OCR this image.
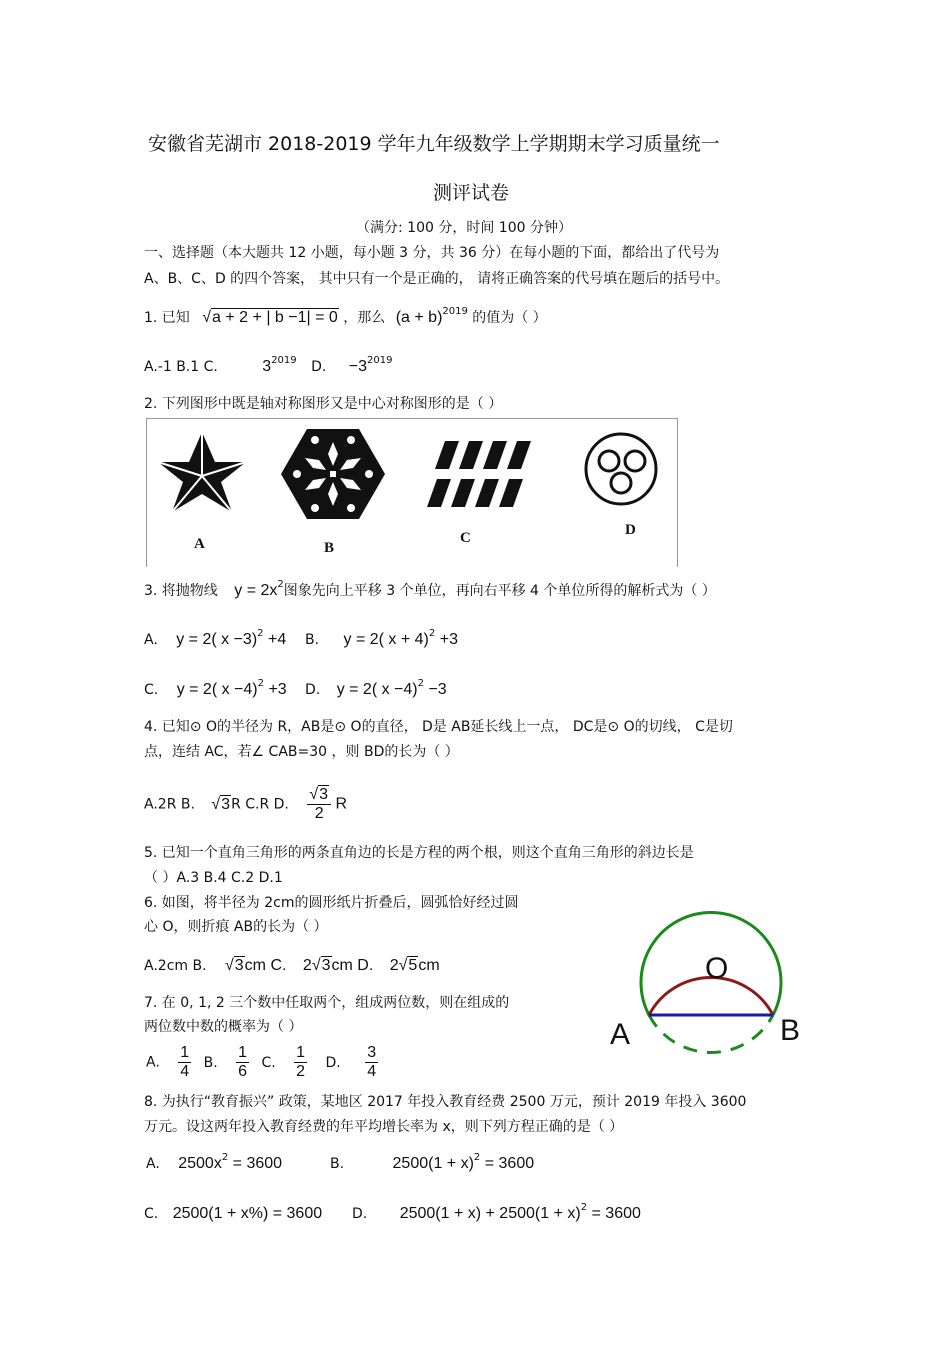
安徽省芜湖市 2018-2019 学年九年级数学上学期期末学习质量统一
测评试卷
（满分: 100 分，时间 100 分钟）
一、选择题（本大题共 12 小题，每小题 3 分，共 36 分）在每小题的下面，都给出了代号为
A、B、C、D 的四个答案， 其中只有一个是正确的， 请将正确答案的代号填在题后的括号中。
1. 已知 √a + 2 + | b −1| = 0 ，那么 $(a + b)^{2019}$ 的值为（ ）
A.-1 B.1 C.	$3^{2019}$ D. $-3^{2019}$
2. 下列图形中既是轴对称图形又是中心对称图形的是（ ）
A	B
C	D
3. 将抛物线 $y = 2x^2$图象先向上平移 3 个单位，再向右平移 4 个单位所得的解析式为（ ）
A. y = 2( x −3)$^2$ +4 B. y = 2( x + 4)$^2$ +3
C. y = 2( x −4)$^2$ +3 D. y = 2( x −4)$^2$ −3
4. 已知⊙ O的半径为 R，AB是⊙ O的直径， D是 AB延长线上一点， DC是⊙ O的切线， C是切
点，连结 AC，若∠ CAB=30 ，则 BD的长为（ ）
A.2R B. √3R C.R D. $\frac{√3}{2}$ R
5. 已知一个直角三角形的两条直角边的长是方程的两个根，则这个直角三角形的斜边长是
（ ）A.3 B.4 C.2 D.1
6. 如图，将半径为 2cm的圆形纸片折叠后，圆弧恰好经过圆
心 O，则折痕 AB的长为（ ）
A.2cm B. √3cm C. 2√3cm D. 2√5cm	O
A	B
7. 在 0, 1, 2 三个数中任取两个，组成两位数，则在组成的
两位数中数的概率为（ ）
A. $\frac{1}{4} B$. $\frac{1}{6} C$. $\frac{1}{2} D$. $\frac{3}{4}$
8. 为执行“教育振兴” 政策，某地区 2017 年投入教育经费 2500 万元，预计 2019 年投入 3600
万元。设这两年投入教育经费的年平均增长率为 x，则下列方程正确的是（ ）
A. $2500x^2 = 3600$	B.	$2500(1 + x)^2 = 3600$
C. 2500(1 + x%) = 3600 D. $2500(1 + x) + 2500(1 + x)^2 = 3600$
